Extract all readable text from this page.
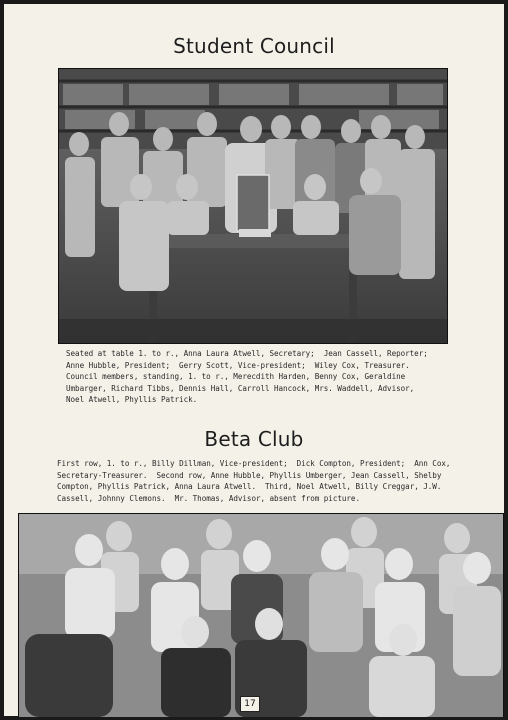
Student Council
Seated at table 1. to r., Anna Laura Atwell, Secretary;  Jean Cassell, Reporter;
Anne Hubble, President;  Gerry Scott, Vice-president;  Wiley Cox, Treasurer.
Council members, standing, 1. to r., Merecdith Harden, Benny Cox, Geraldine
Umbarger, Richard Tibbs, Dennis Hall, Carroll Hancock, Mrs. Waddell, Advisor,
Noel Atwell, Phyllis Patrick.
Beta Club
First row, 1. to r., Billy Dillman, Vice-president;  Dick Compton, President;  Ann Cox,
Secretary-Treasurer.  Second row, Anne Hubble, Phyllis Umberger, Jean Cassell, Shelby
Compton, Phyllis Patrick, Anna Laura Atwell.  Third, Noel Atwell, Billy Creggar, J.W.
Cassell, Johnny Clemons.  Mr. Thomas, Advisor, absent from picture.
17
